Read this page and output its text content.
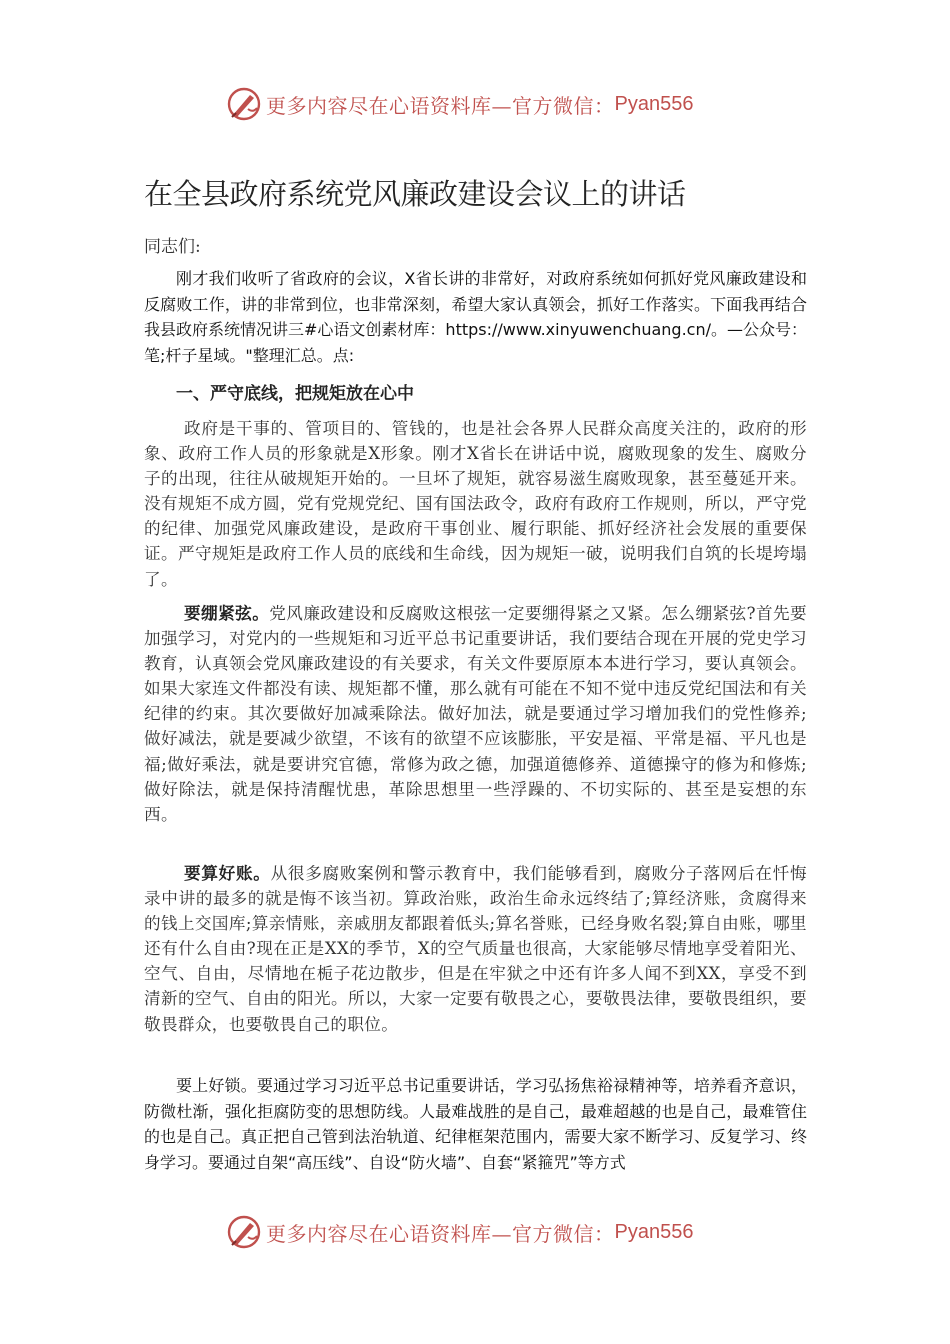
更多内容尽在心语资料库—官方微信： Pyan556
在全县政府系统党风廉政建设会议上的讲话
同志们:

刚才我们收听了省政府的会议，X省长讲的非常好，对政府系统如何抓好党风廉政建设和反腐败工作，讲的非常到位，也非常深刻，希望大家认真领会，抓好工作落实。下面我再结合我县政府系统情况讲三#心语文创素材库：https://www.xinyuwenchuang.cn/。—公众号：笔;杆子星域。"整理汇总。点:

一、严守底线，把规矩放在心中

政府是干事的、管项目的、管钱的，也是社会各界人民群众高度关注的，政府的形象、政府工作人员的形象就是X形象。刚才X省长在讲话中说，腐败现象的发生、腐败分子的出现，往往从破规矩开始的。一旦坏了规矩，就容易滋生腐败现象，甚至蔓延开来。没有规矩不成方圆，党有党规党纪、国有国法政令，政府有政府工作规则，所以，严守党的纪律、加强党风廉政建设，是政府干事创业、履行职能、抓好经济社会发展的重要保证。严守规矩是政府工作人员的底线和生命线，因为规矩一破，说明我们自筑的长堤垮塌了。

要绷紧弦。党风廉政建设和反腐败这根弦一定要绷得紧之又紧。怎么绷紧弦?首先要加强学习，对党内的一些规矩和习近平总书记重要讲话，我们要结合现在开展的党史学习教育，认真领会党风廉政建设的有关要求，有关文件要原原本本进行学习，要认真领会。如果大家连文件都没有读、规矩都不懂，那么就有可能在不知不觉中违反党纪国法和有关纪律的约束。其次要做好加减乘除法。做好加法，就是要通过学习增加我们的党性修养;做好减法，就是要减少欲望，不该有的欲望不应该膨胀，平安是福、平常是福、平凡也是福;做好乘法，就是要讲究官德，常修为政之德，加强道德修养、道德操守的修为和修炼;做好除法，就是保持清醒忧患，革除思想里一些浮躁的、不切实际的、甚至是妄想的东西。

要算好账。从很多腐败案例和警示教育中，我们能够看到，腐败分子落网后在忏悔录中讲的最多的就是悔不该当初。算政治账，政治生命永远终结了;算经济账，贪腐得来的钱上交国库;算亲情账，亲戚朋友都跟着低头;算名誉账，已经身败名裂;算自由账，哪里还有什么自由?现在正是XX的季节，X的空气质量也很高，大家能够尽情地享受着阳光、空气、自由，尽情地在栀子花边散步，但是在牢狱之中还有许多人闻不到XX，享受不到清新的空气、自由的阳光。所以，大家一定要有敬畏之心，要敬畏法律，要敬畏组织，要敬畏群众，也要敬畏自己的职位。

要上好锁。要通过学习习近平总书记重要讲话，学习弘扬焦裕禄精神等，培养看齐意识，防微杜渐，强化拒腐防变的思想防线。人最难战胜的是自己，最难超越的也是自己，最难管住的也是自己。真正把自己管到法治轨道、纪律框架范围内，需要大家不断学习、反复学习、终身学习。要通过自架“高压线”、自设“防火墙”、自套“紧箍咒”等方式

更多内容尽在心语资料库—官方微信： Pyan556
